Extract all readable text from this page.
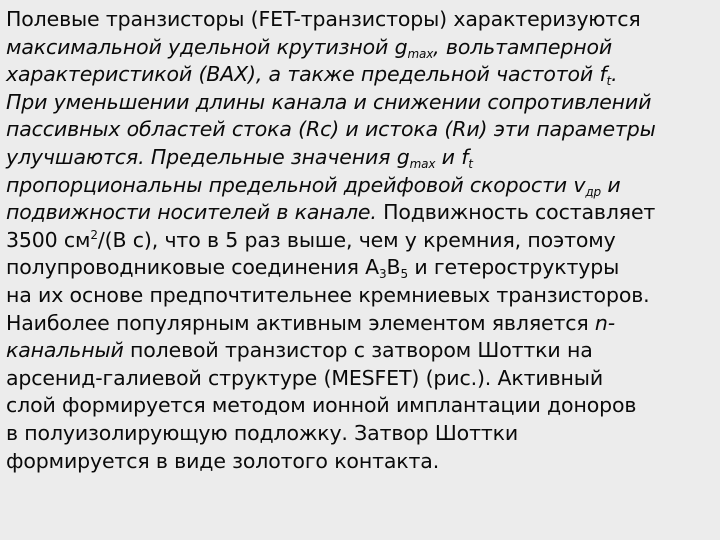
Полевые транзисторы (FET-транзисторы) характеризуются
максимальной удельной крутизной $g_{max}$, вольтамперной
характеристикой (ВАХ), а также предельной частотой $f_t$.
При уменьшении длины канала и снижении сопротивлений
пассивных областей стока (Rс) и истока (Rи) эти параметры
улучшаются. Предельные значения $g_{max}$ и $f_t$
пропорциональны предельной дрейфовой скорости $v_{др}$ и
подвижности носителей в канале. Подвижность составляет
3500 $см^2/(В$ с), что в 5 раз выше, чем у кремния, поэтому
полупроводниковые соединения $А_3В_5$ и гетероструктуры
на их основе предпочтительнее кремниевых транзисторов.
Наиболее популярным активным элементом является n-
канальный полевой транзистор с затвором Шоттки на
арсенид-галиевой структуре (MESFET) (рис.). Активный
слой формируется методом ионной имплантации доноров
в полуизолирующую подложку. Затвор Шоттки
формируется в виде золотого контакта.
